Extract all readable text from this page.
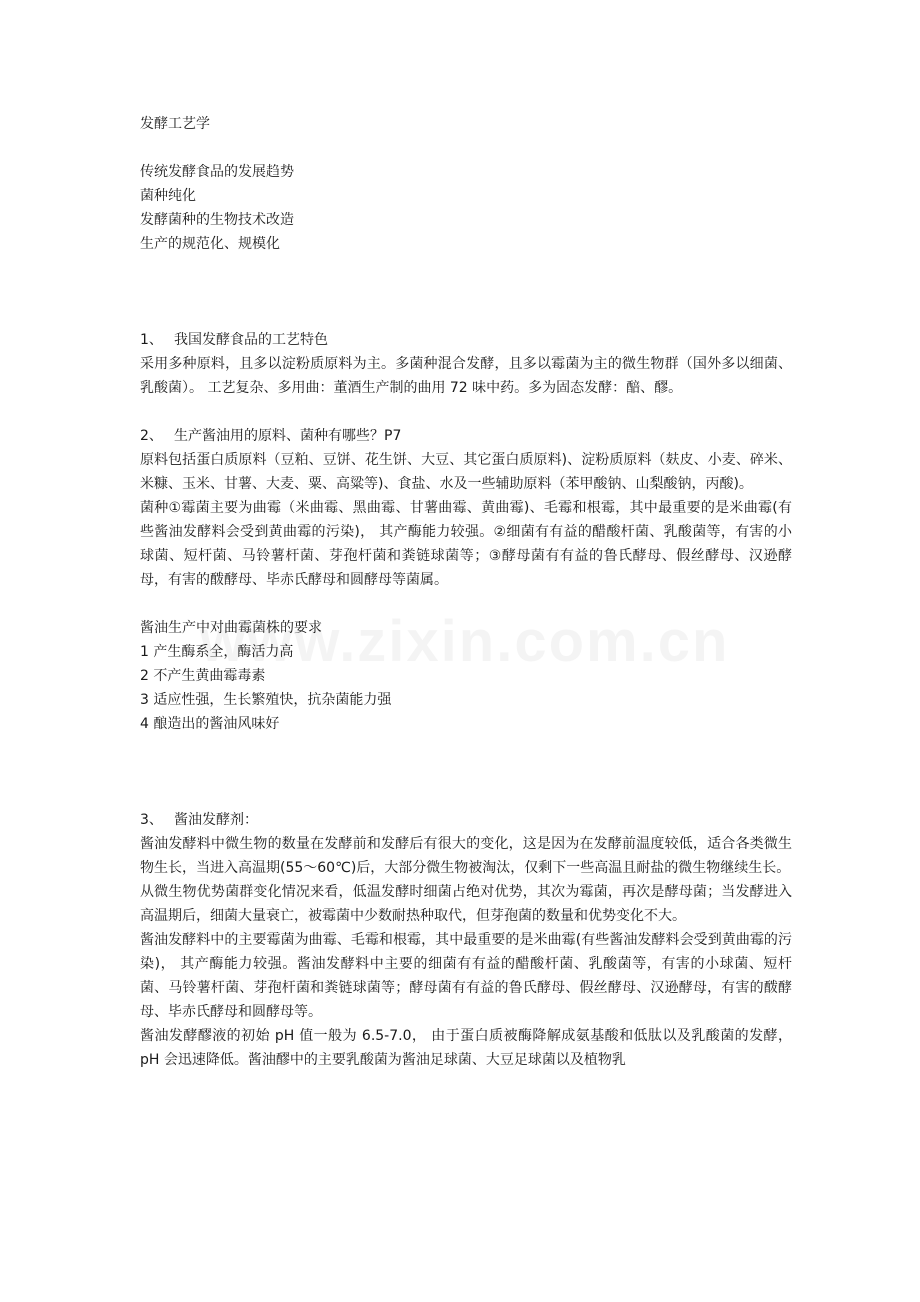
发酵工艺学
传统发酵食品的发展趋势
菌种纯化
发酵菌种的生物技术改造
生产的规范化、规模化
1、 我国发酵食品的工艺特色
采用多种原料，且多以淀粉质原料为主。多菌种混合发酵，且多以霉菌为主的微生物群（国外多以细菌、乳酸菌）。 工艺复杂、多用曲：董酒生产制的曲用 72 味中药。多为固态发酵：醅、醪。
2、 生产酱油用的原料、菌种有哪些？P7
原料包括蛋白质原料（豆粕、豆饼、花生饼、大豆、其它蛋白质原料)、淀粉质原料（麸皮、小麦、碎米、米糠、玉米、甘薯、大麦、粟、高粱等)、食盐、水及一些辅助原料（苯甲酸钠、山梨酸钠，丙酸)。
菌种①霉菌主要为曲霉（米曲霉、黑曲霉、甘薯曲霉、黄曲霉)、毛霉和根霉，其中最重要的是米曲霉(有些酱油发酵料会受到黄曲霉的污染)， 其产酶能力较强。②细菌有有益的醋酸杆菌、乳酸菌等，有害的小球菌、短杆菌、马铃薯杆菌、芽孢杆菌和粪链球菌等；③酵母菌有有益的鲁氏酵母、假丝酵母、汉逊酵母，有害的酦酵母、毕赤氏酵母和圆酵母等菌属。
酱油生产中对曲霉菌株的要求
1 产生酶系全，酶活力高
2 不产生黄曲霉毒素
3 适应性强，生长繁殖快，抗杂菌能力强
4 酿造出的酱油风味好
3、 酱油发酵剂：
酱油发酵料中微生物的数量在发酵前和发酵后有很大的变化，这是因为在发酵前温度较低，适合各类微生物生长，当进入高温期(55～60℃)后，大部分微生物被淘汰，仅剩下一些高温且耐盐的微生物继续生长。
从微生物优势菌群变化情况来看，低温发酵时细菌占绝对优势，其次为霉菌，再次是酵母菌；当发酵进入高温期后，细菌大量衰亡，被霉菌中少数耐热种取代，但芽孢菌的数量和优势变化不大。
酱油发酵料中的主要霉菌为曲霉、毛霉和根霉，其中最重要的是米曲霉(有些酱油发酵料会受到黄曲霉的污染)， 其产酶能力较强。酱油发酵料中主要的细菌有有益的醋酸杆菌、乳酸菌等，有害的小球菌、短杆菌、马铃薯杆菌、芽孢杆菌和粪链球菌等；酵母菌有有益的鲁氏酵母、假丝酵母、汉逊酵母，有害的酦酵母、毕赤氏酵母和圆酵母等。
酱油发酵醪液的初始 pH 值一般为 6.5-7.0， 由于蛋白质被酶降解成氨基酸和低肽以及乳酸菌的发酵，pH 会迅速降低。酱油醪中的主要乳酸菌为酱油足球菌、大豆足球菌以及植物乳
